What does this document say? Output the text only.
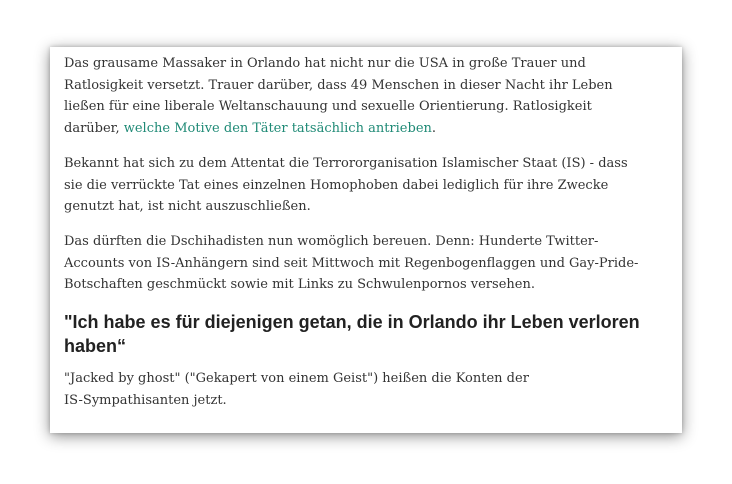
Das grausame Massaker in Orlando hat nicht nur die USA in große Trauer und
Ratlosigkeit versetzt. Trauer darüber, dass 49 Menschen in dieser Nacht ihr Leben
ließen für eine liberale Weltanschauung und sexuelle Orientierung. Ratlosigkeit
darüber, welche Motive den Täter tatsächlich antrieben.

Bekannt hat sich zu dem Attentat die Terrororganisation Islamischer Staat (IS) - dass
sie die verrückte Tat eines einzelnen Homophoben dabei lediglich für ihre Zwecke
genutzt hat, ist nicht auszuschließen.

Das dürften die Dschihadisten nun womöglich bereuen. Denn: Hunderte Twitter-
Accounts von IS-Anhängern sind seit Mittwoch mit Regenbogenflaggen und Gay-Pride-
Botschaften geschmückt sowie mit Links zu Schwulenpornos versehen.

"Ich habe es für diejenigen getan, die in Orlando ihr Leben verloren
haben“

"Jacked by ghost" ("Gekapert von einem Geist") heißen die Konten der
IS-Sympathisanten jetzt.
